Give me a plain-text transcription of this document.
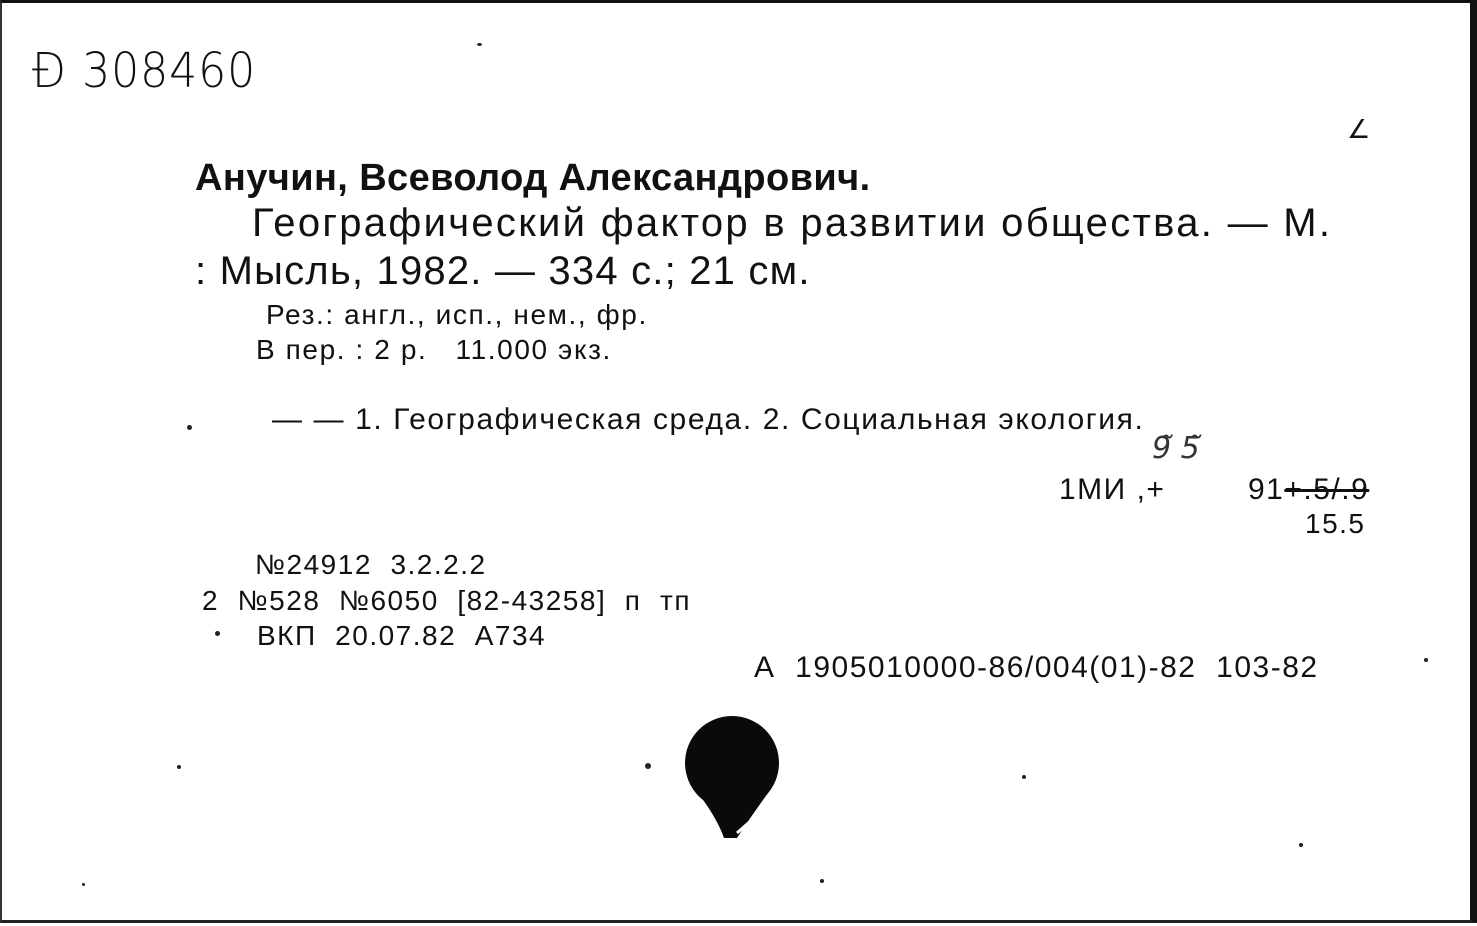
Ɖ 308460
∠
Анучин, Всеволод Александрович.
Географический фактор в развитии общества. — М.
: Мысль, 1982. — 334 с.; 21 см.
Рез.: англ., исп., нем., фр.
В пер. : 2 р.   11.000 экз.
— — 1. Географическая среда. 2. Социальная экология.
9̃ 5̃
1МИ ,+	91+.5/.9
15.5
№24912  3.2.2.2
2  №528  №6050  [82-43258]  п  тп
ВКП  20.07.82  А734
А  1905010000-86/004(01)-82  103-82
